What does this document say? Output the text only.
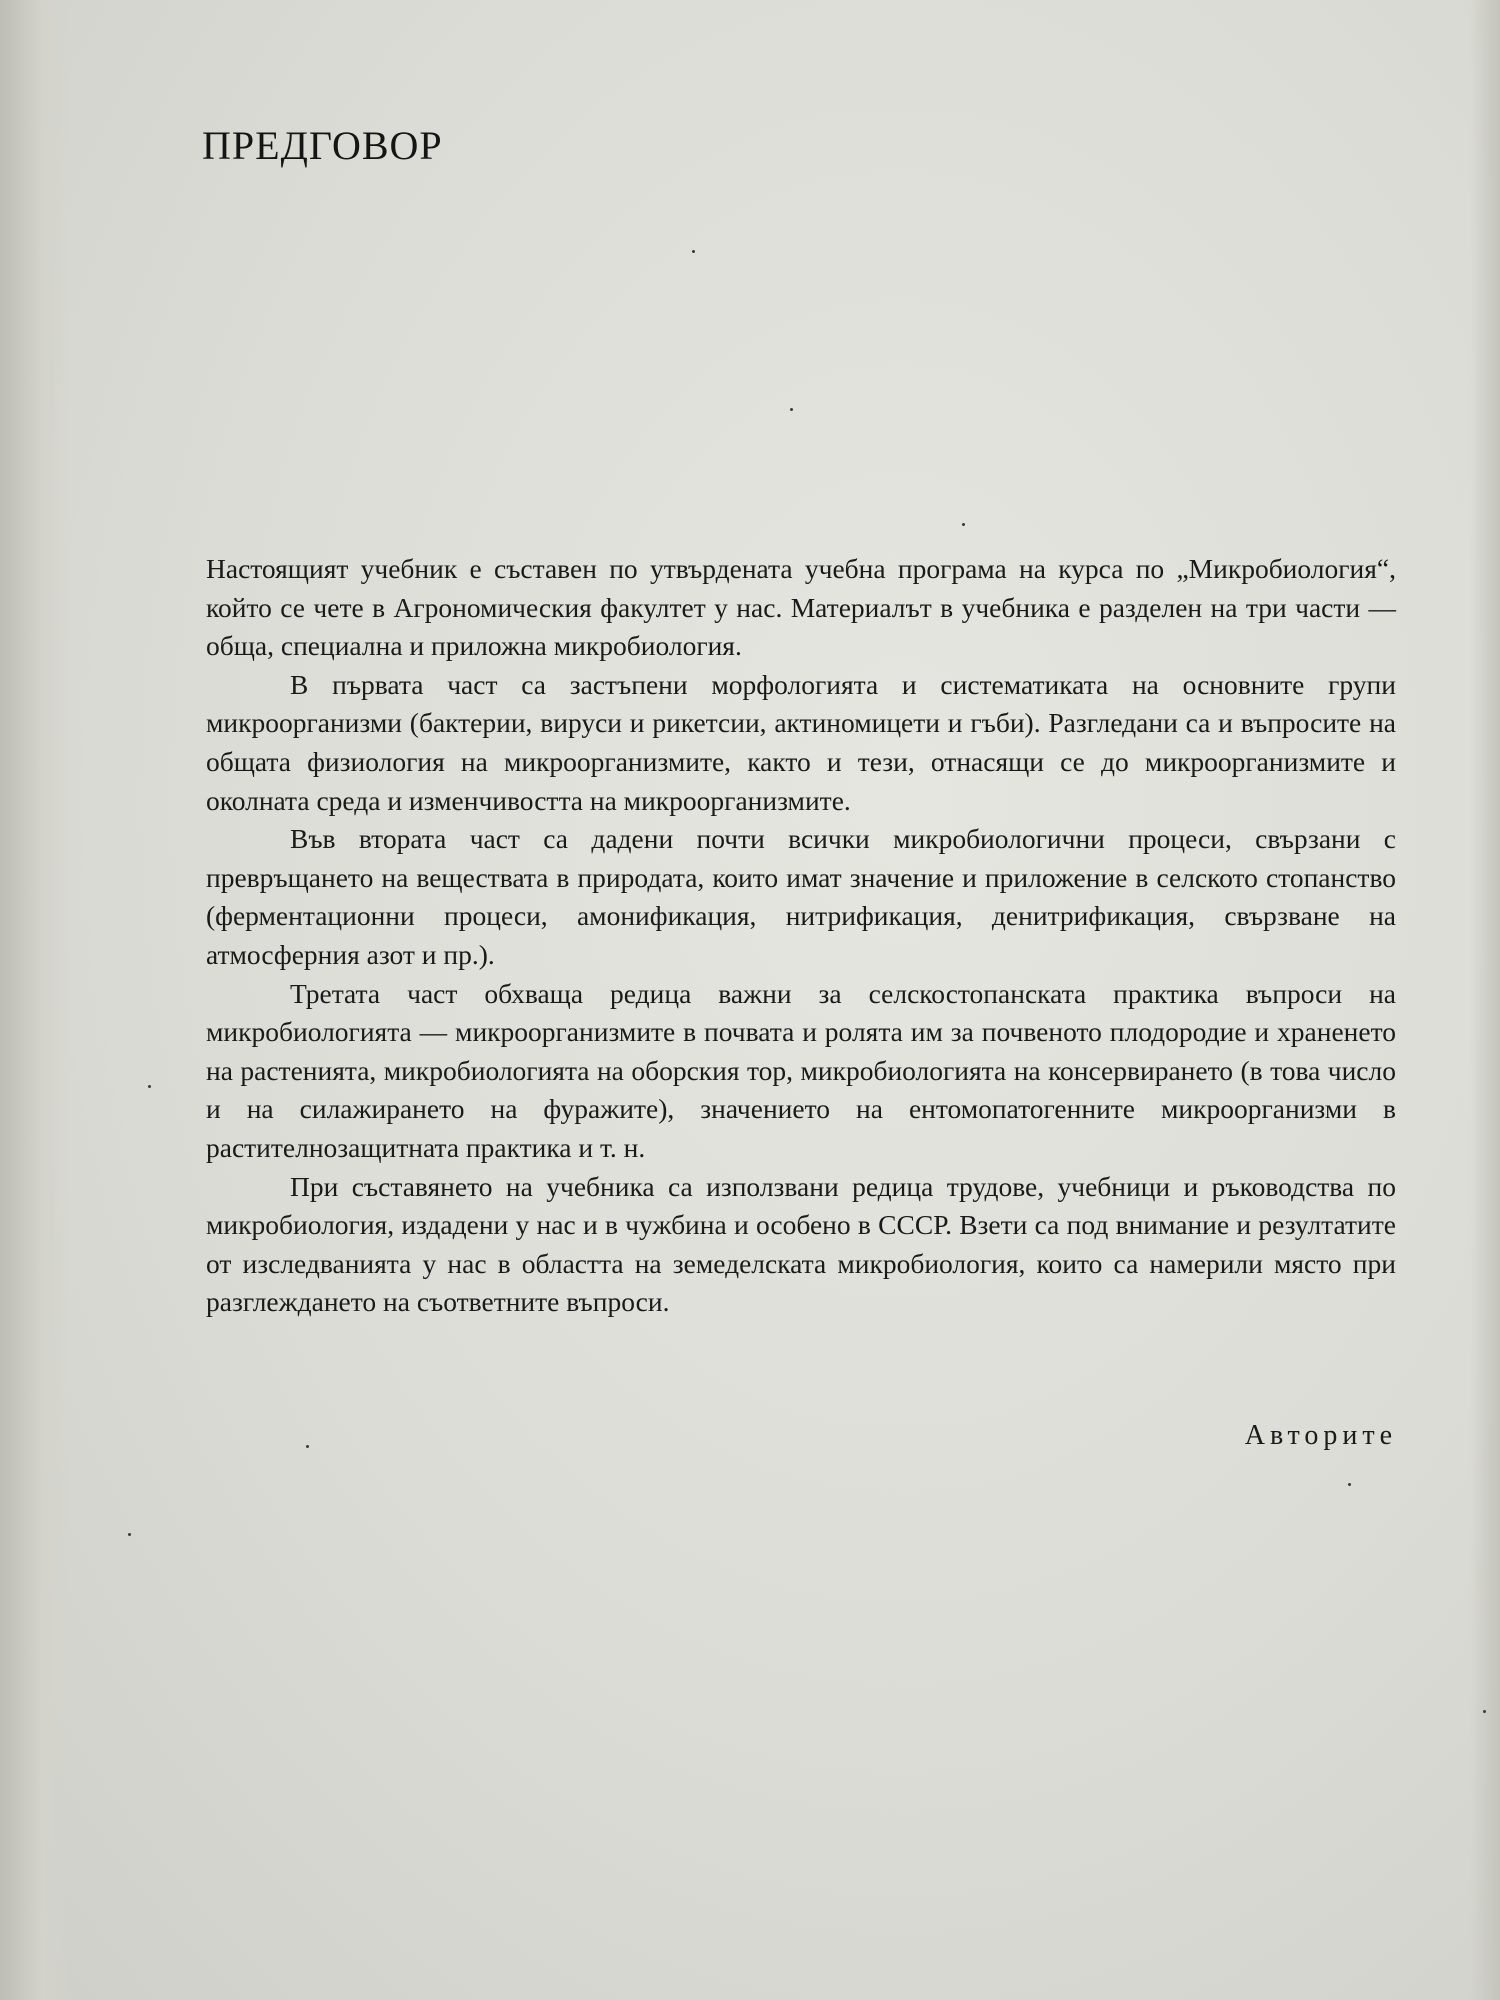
ПРЕДГОВОР

Настоящият учебник е съставен по утвърдената учебна програма на курса по „Микробиология“, който се чете в Агрономическия факултет у нас. Материалът в учебника е разделен на три части — обща, специална и приложна микробиология.

В първата част са застъпени морфологията и систематиката на основните групи микроорганизми (бактерии, вируси и рикетсии, актиномицети и гъби). Разгледани са и въпросите на общата физиология на микроорганизмите, както и тези, отнасящи се до микроорганизмите и околната среда и изменчивостта на микроорганизмите.

Във втората част са дадени почти всички микробиологични процеси, свързани с превръщането на веществата в природата, които имат значение и приложение в селското стопанство (ферментационни процеси, амонификация, нитрификация, денитрификация, свързване на атмосферния азот и пр.).

Третата част обхваща редица важни за селскостопанската практика въпроси на микробиологията — микроорганизмите в почвата и ролята им за почвеното плодородие и храненето на растенията, микробиологията на оборския тор, микробиологията на консервирането (в това число и на силажирането на фуражите), значението на ентомопатогенните микроорганизми в растителнозащитната практика и т. н.

При съставянето на учебника са използвани редица трудове, учебници и ръководства по микробиология, издадени у нас и в чужбина и особено в СССР. Взети са под внимание и резултатите от изследванията у нас в областта на земеделската микробиология, които са намерили място при разглеждането на съответните въпроси.

Авторите
